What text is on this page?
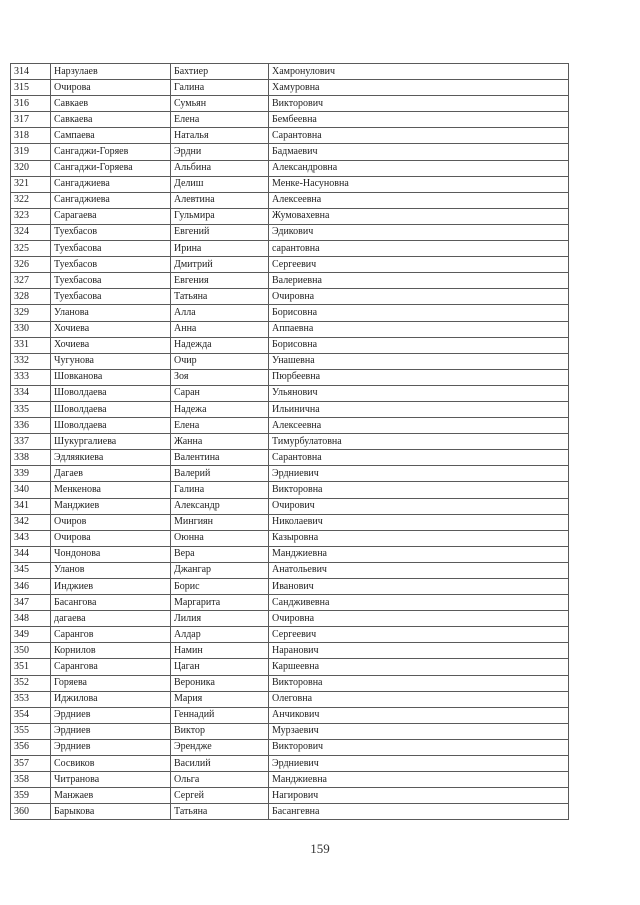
314	Нарзулаев	Бахтиер	Хамронулович
315	Очирова	Галина	Хамуровна
316	Савкаев	Сумьян	Викторович
317	Савкаева	Елена	Бембеевна
318	Сампаева	Наталья	Сарантовна
319	Сангаджи-Горяев	Эрдни	Бадмаевич
320	Сангаджи-Горяева	Альбина	Александровна
321	Сангаджиева	Делиш	Менке-Насуновна
322	Сангаджиева	Алевтина	Алексеевна
323	Сарагаева	Гульмира	Жумовахевна
324	Туехбасов	Евгений	Эдикович
325	Туехбасова	Ирина	сарантовна
326	Туехбасов	Дмитрий	Сергеевич
327	Туехбасова	Евгения	Валериевна
328	Туехбасова	Татьяна	Очировна
329	Уланова	Алла	Борисовна
330	Хочиева	Анна	Аппаевна
331	Хочиева	Надежда	Борисовна
332	Чугунова	Очир	Унашевна
333	Шовканова	Зоя	Пюрбеевна
334	Шоволдаева	Саран	Ульянович
335	Шоволдаева	Надежа	Ильинична
336	Шоволдаева	Елена	Алексеевна
337	Шукургалиева	Жанна	Тимурбулатовна
338	Эдляякиева	Валентина	Сарантовна
339	Дагаев	Валерий	Эрдниевич
340	Менкенова	Галина	Викторовна
341	Манджиев	Александр	Очирович
342	Очиров	Мингиян	Николаевич
343	Очирова	Оюнна	Казыровна
344	Чондонова	Вера	Манджиевна
345	Уланов	Джангар	Анатольевич
346	Инджиев	Борис	Иванович
347	Басангова	Маргарита	Сандживевна
348	дагаева	Лилия	Очировна
349	Сарангов	Алдар	Сергеевич
350	Корнилов	Намин	Наранович
351	Сарангова	Цаган	Каршеевна
352	Горяева	Вероника	Викторовна
353	Иджилова	Мария	Олеговна
354	Эрдниев	Геннадий	Анчикович
355	Эрдниев	Виктор	Мурзаевич
356	Эрдниев	Эрендже	Викторович
357	Сосвиков	Василий	Эрдниевич
358	Читранова	Ольга	Манджиевна
359	Манжаев	Сергей	Нагирович
360	Барыкова	Татьяна	Басангевна
159
